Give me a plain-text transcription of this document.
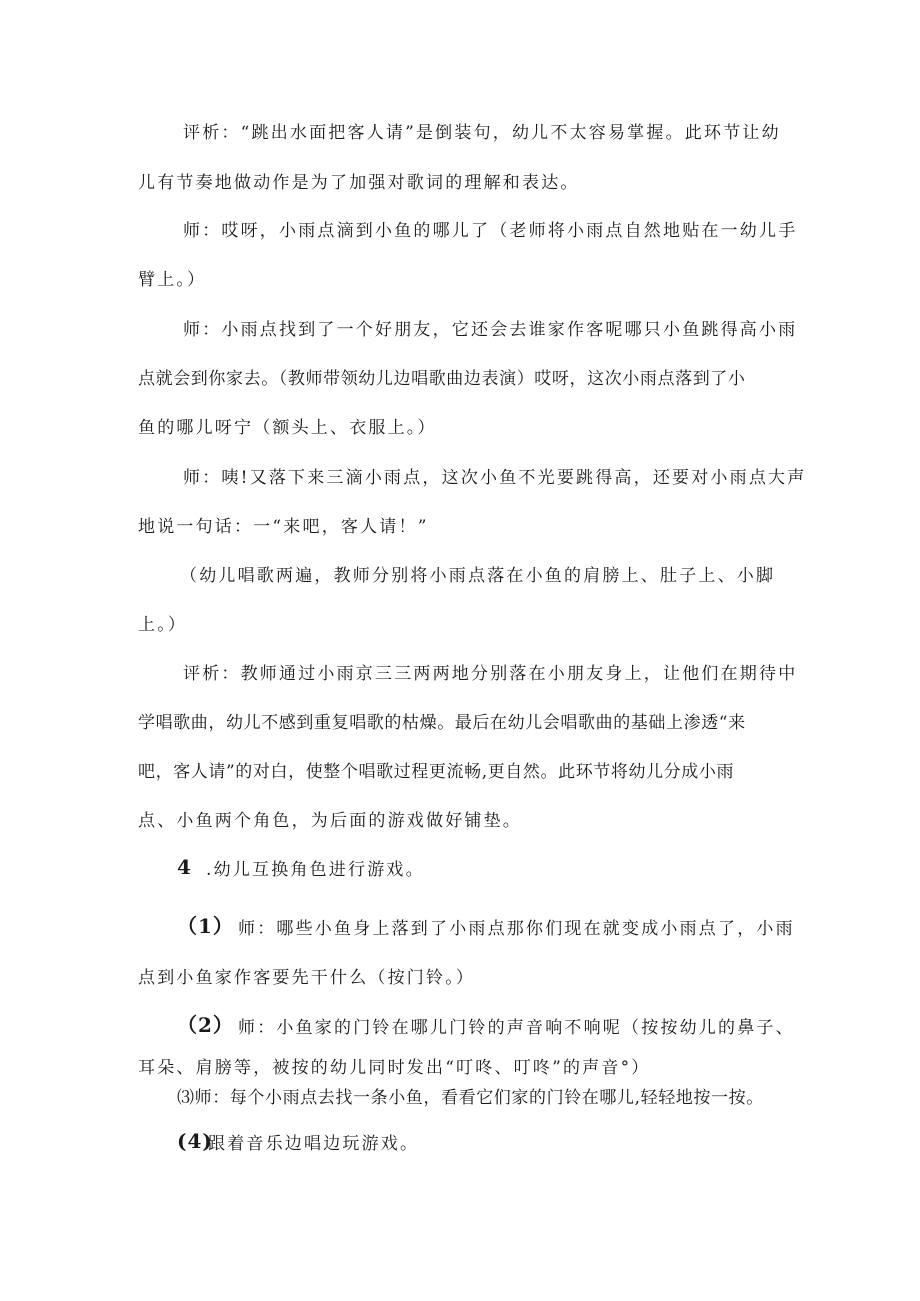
评析：“跳出水面把客人请”是倒装句，幼儿不太容易掌握。此环节让幼
儿有节奏地做动作是为了加强对歌词的理解和表达。
师：哎呀，小雨点滴到小鱼的哪儿了（老师将小雨点自然地贴在一幼儿手
臂上。）
师：小雨点找到了一个好朋友，它还会去谁家作客呢哪只小鱼跳得高小雨
点就会到你家去。（教师带领幼儿边唱歌曲边表演）哎呀，这次小雨点落到了小
鱼的哪儿呀宁（额头上、衣服上。）
师：咦!又落下来三滴小雨点，这次小鱼不光要跳得高，还要对小雨点大声
地说一句话：一“来吧，客人请！”
（幼儿唱歌两遍，教师分别将小雨点落在小鱼的肩膀上、肚子上、小脚
上。）
评析：教师通过小雨京三三两两地分别落在小朋友身上，让他们在期待中
学唱歌曲，幼儿不感到重复唱歌的枯燥。最后在幼儿会唱歌曲的基础上渗透“来
吧，客人请”的对白，使整个唱歌过程更流畅,更自然。此环节将幼儿分成小雨
点、小鱼两个角色，为后面的游戏做好铺垫。
4 .幼儿互换角色进行游戏。
（1） 师：哪些小鱼身上落到了小雨点那你们现在就变成小雨点了，小雨
点到小鱼家作客要先干什么（按门铃。）
（2） 师：小鱼家的门铃在哪儿门铃的声音响不响呢（按按幼儿的鼻子、
耳朵、肩膀等，被按的幼儿同时发出“叮咚、叮咚”的声音°）
⑶师：每个小雨点去找一条小鱼，看看它们家的门铃在哪儿,轻轻地按一按。
(4)
跟着音乐边唱边玩游戏。
